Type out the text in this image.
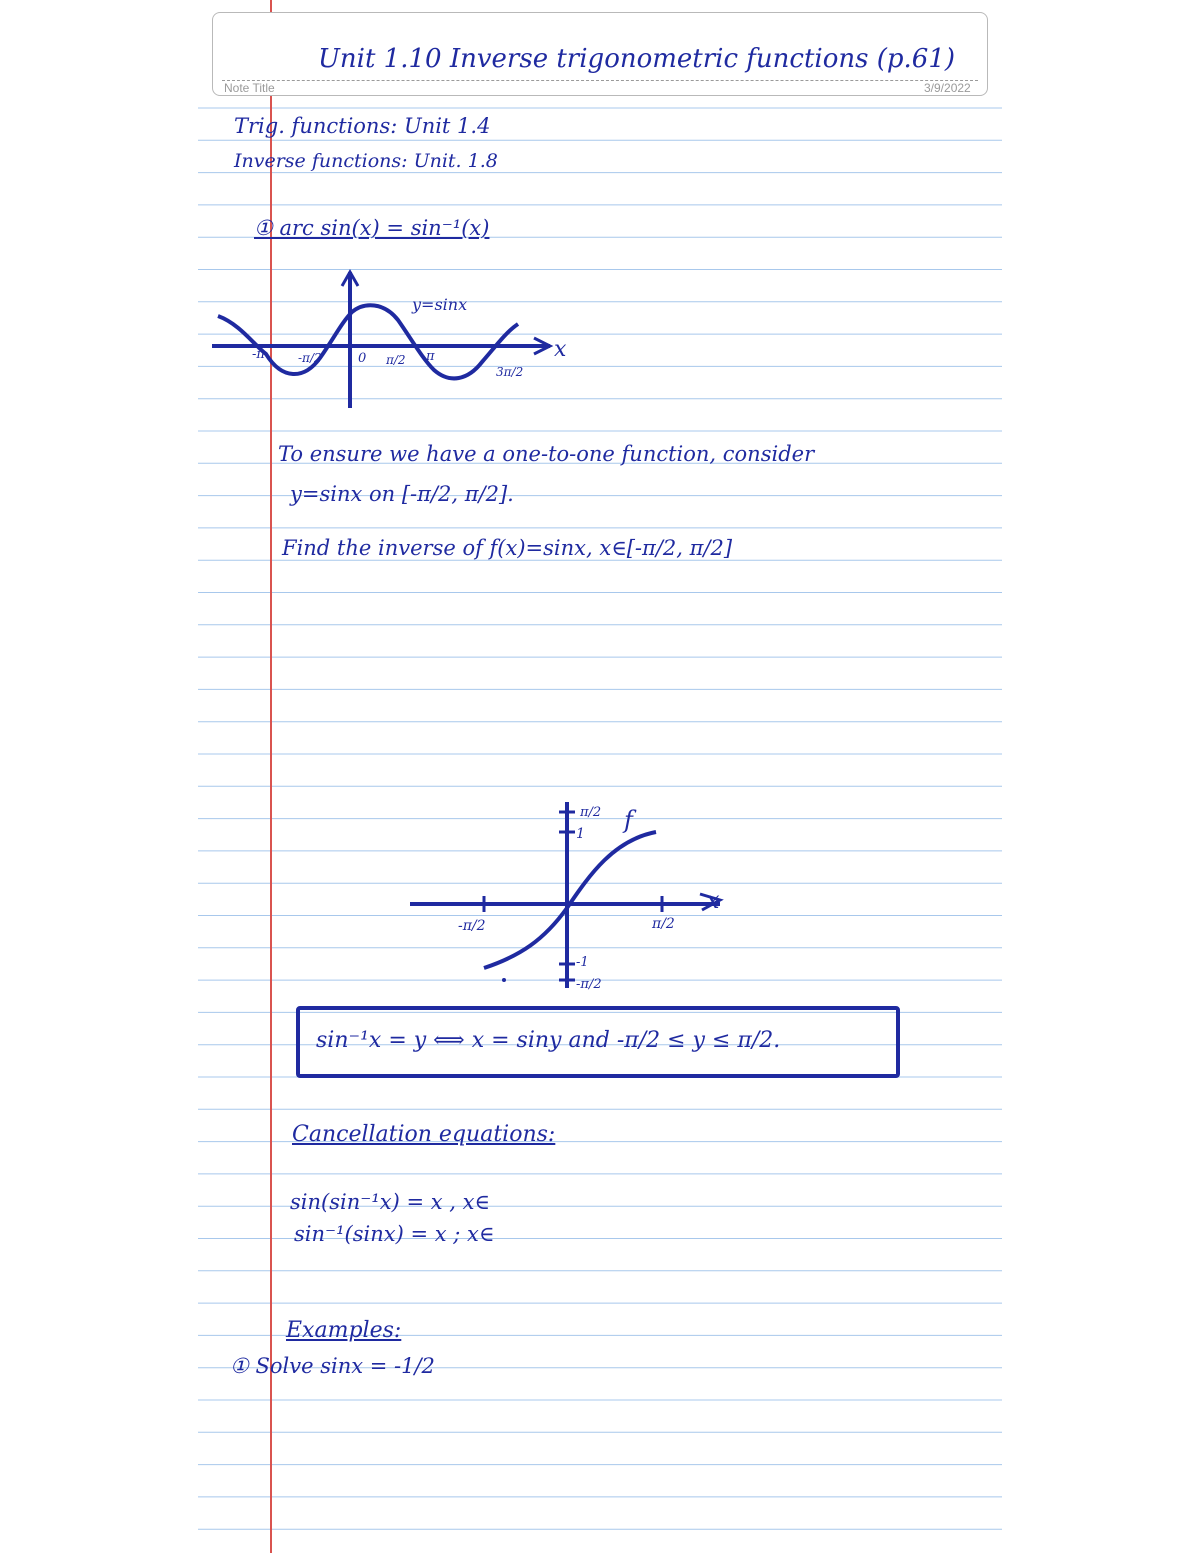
Note Title	3/9/2022
Unit 1.10 Inverse trigonometric functions (p.61)
Trig. functions: Unit 1.4
Inverse functions: Unit. 1.8
① arc sin(x) = sin⁻¹(x)
y=sinx
x
-π	-π/2	0 π/2 π
3π/2
To ensure we have a one-to-one function, consider
y=sinx on [-π/2, π/2].
Find the inverse of f(x)=sinx, x∈[-π/2, π/2]
f
x
π/2
1
-1
-π/2
-π/2	π/2
sin⁻¹x = y ⟺ x = siny and -π/2 ≤ y ≤ π/2.
Cancellation equations:
sin(sin⁻¹x) = x , x∈
sin⁻¹(sinx) = x ; x∈
Examples:
① Solve sinx = -1/2
